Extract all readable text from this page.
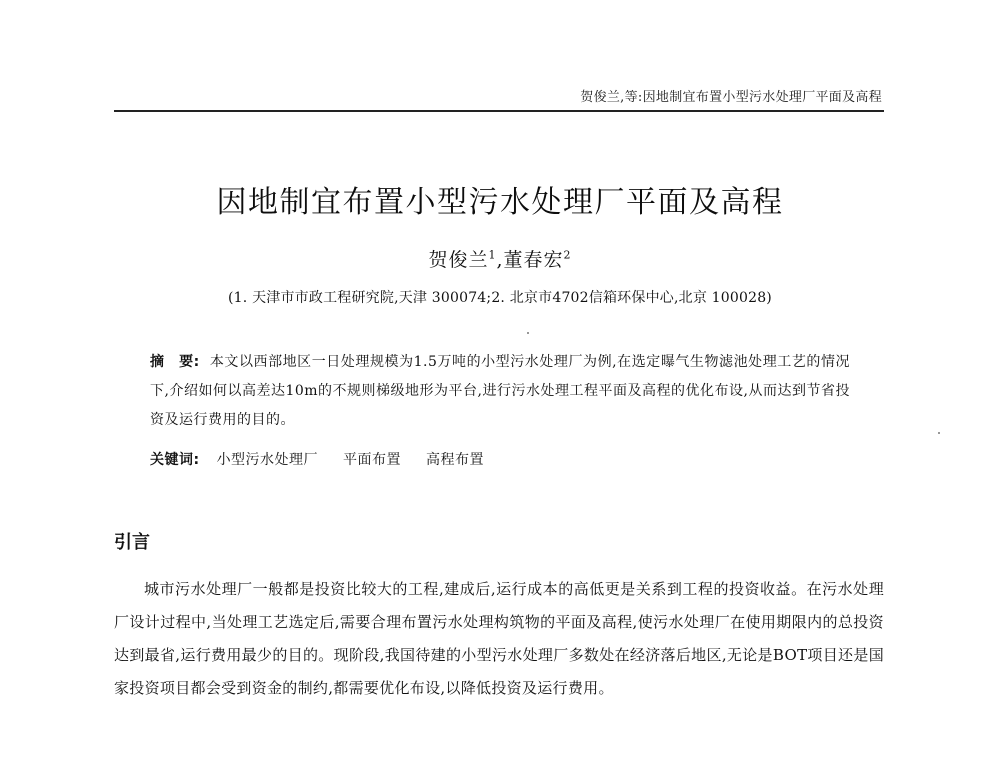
贺俊兰,等:因地制宜布置小型污水处理厂平面及高程
因地制宜布置小型污水处理厂平面及高程
贺俊兰$^1$,董春宏$^2$
(1. 天津市市政工程研究院,天津 300074;2. 北京市4702信箱环保中心,北京 100028)
摘　要: 本文以西部地区一日处理规模为1.5万吨的小型污水处理厂为例,在选定曝气生物滤池处理工艺的情况下,介绍如何以高差达10m的不规则梯级地形为平台,进行污水处理工程平面及高程的优化布设,从而达到节省投资及运行费用的目的。
关键词: 小型污水处理厂 平面布置 高程布置
引言
城市污水处理厂一般都是投资比较大的工程,建成后,运行成本的高低更是关系到工程的投资收益。在污水处理厂设计过程中,当处理工艺选定后,需要合理布置污水处理构筑物的平面及高程,使污水处理厂在使用期限内的总投资达到最省,运行费用最少的目的。现阶段,我国待建的小型污水处理厂多数处在经济落后地区,无论是BOT项目还是国家投资项目都会受到资金的制约,都需要优化布设,以降低投资及运行费用。
